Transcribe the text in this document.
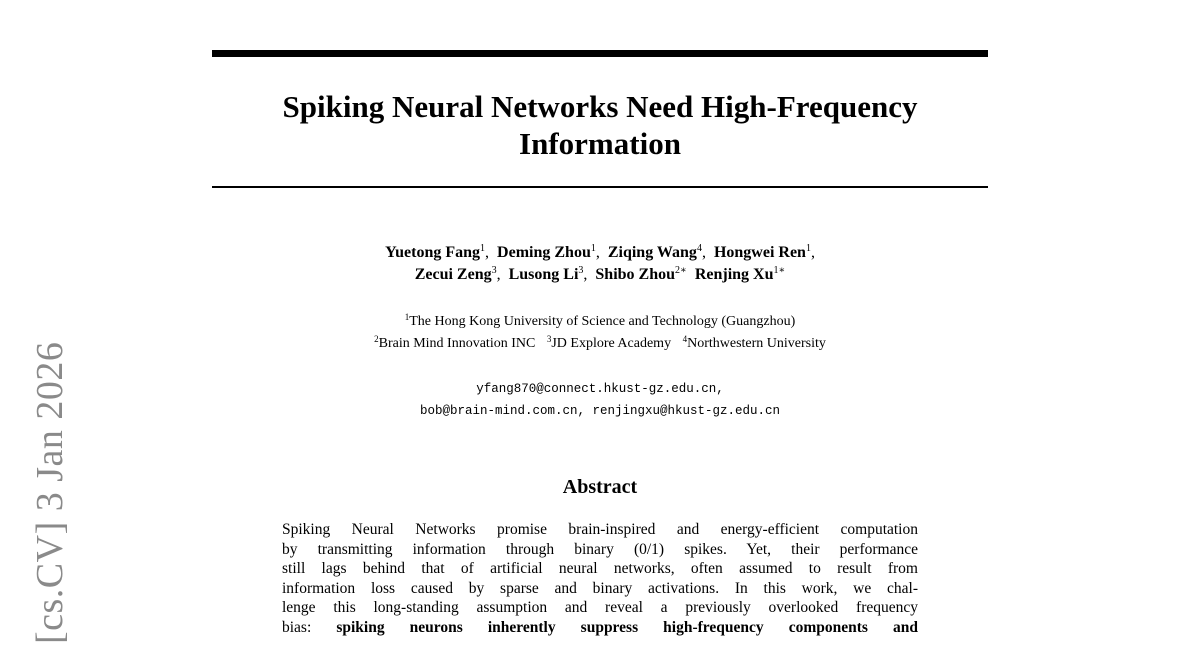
[cs.CV] 3 Jan 2026
Spiking Neural Networks Need High-Frequency
Information
Yuetong Fang$^1$,  Deming Zhou$^1$,  Ziqing Wang$^4$,  Hongwei Ren$^1$,
Zecui Zeng$^3$,  Lusong Li$^3$,  Shibo Zhou$^{2∗}$ Renjing $Xu^{1∗}$
$^1$The Hong Kong University of Science and Technology (Guangzhou)
$^2$Brain Mind Innovation INC $^3$JD Explore Academy $^4$Northwestern University
yfang870@connect.hkust-gz.edu.cn,
bob@brain-mind.com.cn, renjingxu@hkust-gz.edu.cn
Abstract
Spiking Neural Networks promise brain-inspired and energy-efficient computation
by transmitting information through binary (0/1) spikes. Yet, their performance
still lags behind that of artificial neural networks, often assumed to result from
information loss caused by sparse and binary activations. In this work, we chal-
lenge this long-standing assumption and reveal a previously overlooked frequency
bias: spiking neurons inherently suppress high-frequency components and
